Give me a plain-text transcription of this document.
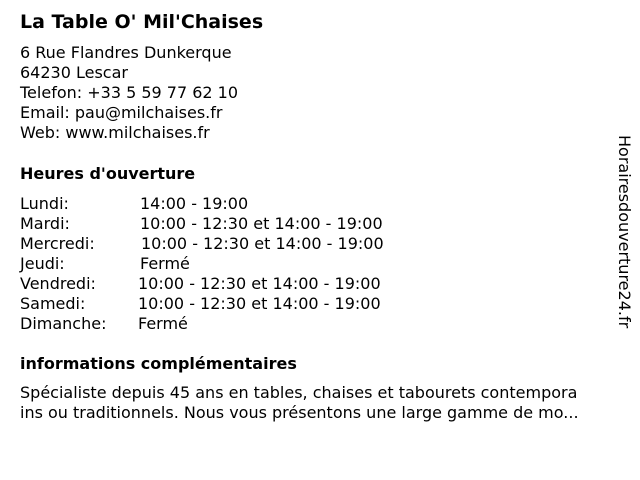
La Table O' Mil'Chaises
6 Rue Flandres Dunkerque
64230 Lescar
Telefon: +33 5 59 77 62 10
Email: pau@milchaises.fr
Web: www.milchaises.fr
Heures d'ouverture
Lundi:	14:00 - 19:00
Mardi:	10:00 - 12:30 et 14:00 - 19:00
Mercredi:	10:00 - 12:30 et 14:00 - 19:00
Jeudi:	Fermé
Vendredi:	10:00 - 12:30 et 14:00 - 19:00
Samedi:	10:00 - 12:30 et 14:00 - 19:00
Dimanche: Fermé
informations complémentaires
Spécialiste depuis 45 ans en tables, chaises et tabourets contempora
ins ou traditionnels. Nous vous présentons une large gamme de mo...
Horairesdouverture24.fr
